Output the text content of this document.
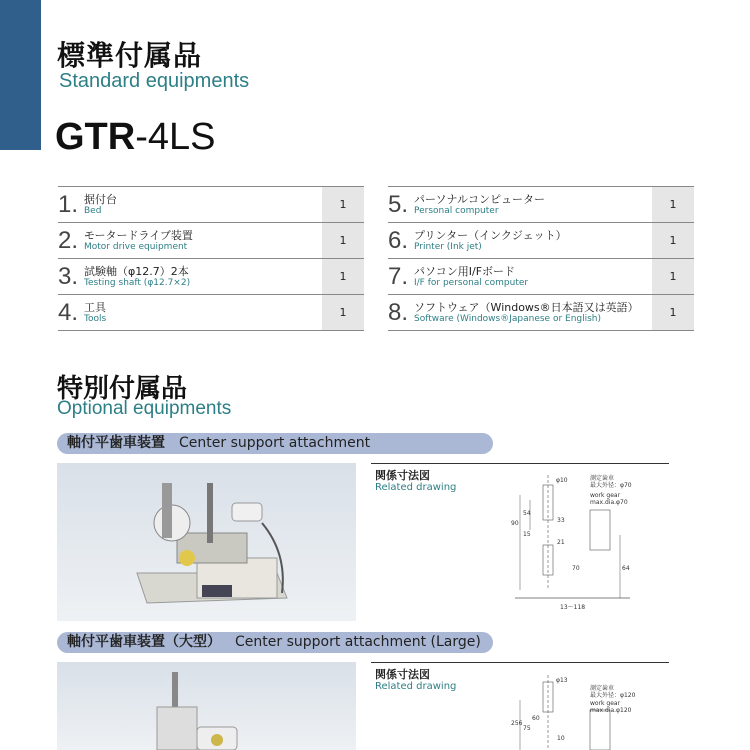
標準付属品
Standard equipments
GTR-4LS
1.	据付台
Bed	1
2.	モータードライブ装置
Motor drive equipment	1
3.	試験軸（φ12.7）2本
Testing shaft (φ12.7×2)	1
4.	工具
Tools	1
5.	パーソナルコンピューター
Personal computer	1
6.	プリンター（インクジェット）
Printer (Ink jet)	1
7.	パソコン用I/Fボード
I/F for personal computer	1
8.	ソフトウェア（Windows®日本語又は英語）
Software (Windows®Japanese or English)	1
特別付属品
Optional equipments
軸付平歯車装置 Center support attachment
関係寸法図
Related drawing
φ10	測定歯車
最大外径：φ70
work gear
max.dia.φ70
90
54
15
33
21
70	64
13～118
軸付平歯車装置（大型） Center support attachment (Large)
関係寸法図
Related drawing
φ13
測定歯車
最大外径：φ120
work gear
max.dia.φ120
256
75
60
10
